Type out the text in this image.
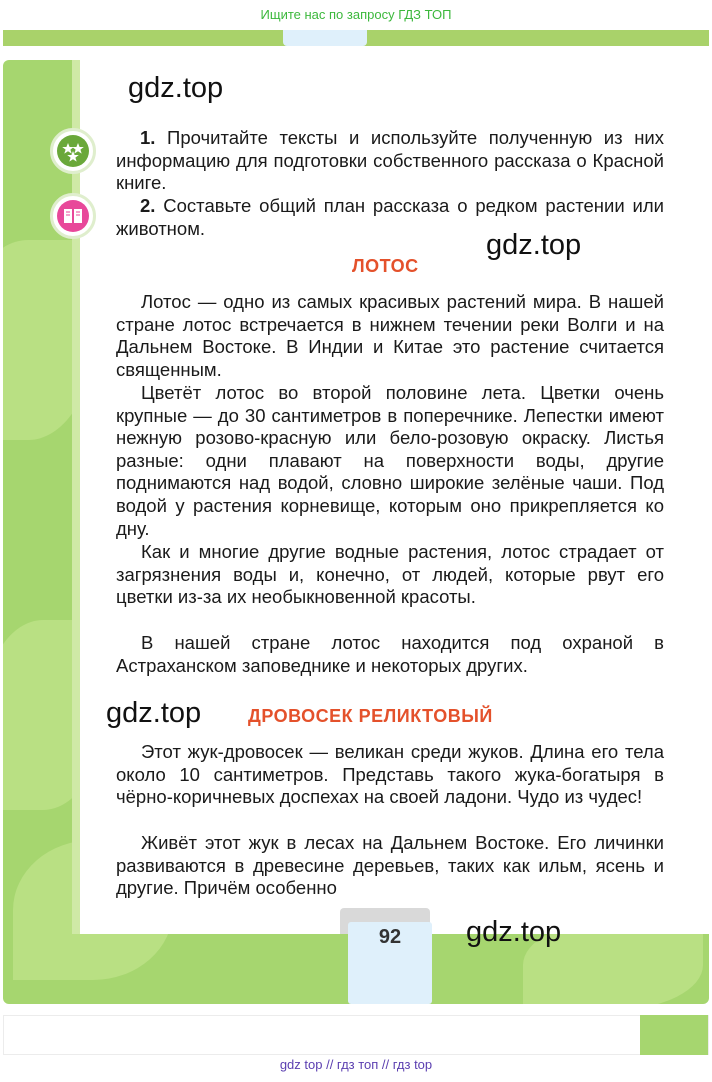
Ищите нас по запросу ГДЗ ТОП
gdz.top
gdz.top
gdz.top
gdz.top
1. Прочитайте тексты и используйте полученную из них информацию для подготовки собственного рассказа о Красной книге.
2. Составьте общий план рассказа о редком растении или животном.
ЛОТОС

Лотос — одно из самых красивых растений мира. В нашей стране лотос встречается в нижнем течении реки Волги и на Дальнем Востоке. В Индии и Китае это растение считается священным.

Цветёт лотос во второй половине лета. Цветки очень крупные — до 30 сантиметров в поперечнике. Лепестки имеют нежную розово-красную или бело-розовую окраску. Листья разные: одни плавают на поверхности воды, другие поднимаются над водой, словно широкие зелёные чаши. Под водой у растения корневище, которым оно прикрепляется ко дну.

Как и многие другие водные растения, лотос страдает от загрязнения воды и, конечно, от людей, которые рвут его цветки из-за их необыкновенной красоты.

В нашей стране лотос находится под охраной в Астраханском заповеднике и некоторых других.

ДРОВОСЕК РЕЛИКТОВЫЙ

Этот жук-дровосек — великан среди жуков. Длина его тела около 10 сантиметров. Представь такого жука-богатыря в чёрно-коричневых доспехах на своей ладони. Чудо из чудес!

Живёт этот жук в лесах на Дальнем Востоке. Его личинки развиваются в древесине деревьев, таких как ильм, ясень и другие. Причём особенно

92
gdz top // гдз топ // гдз top
